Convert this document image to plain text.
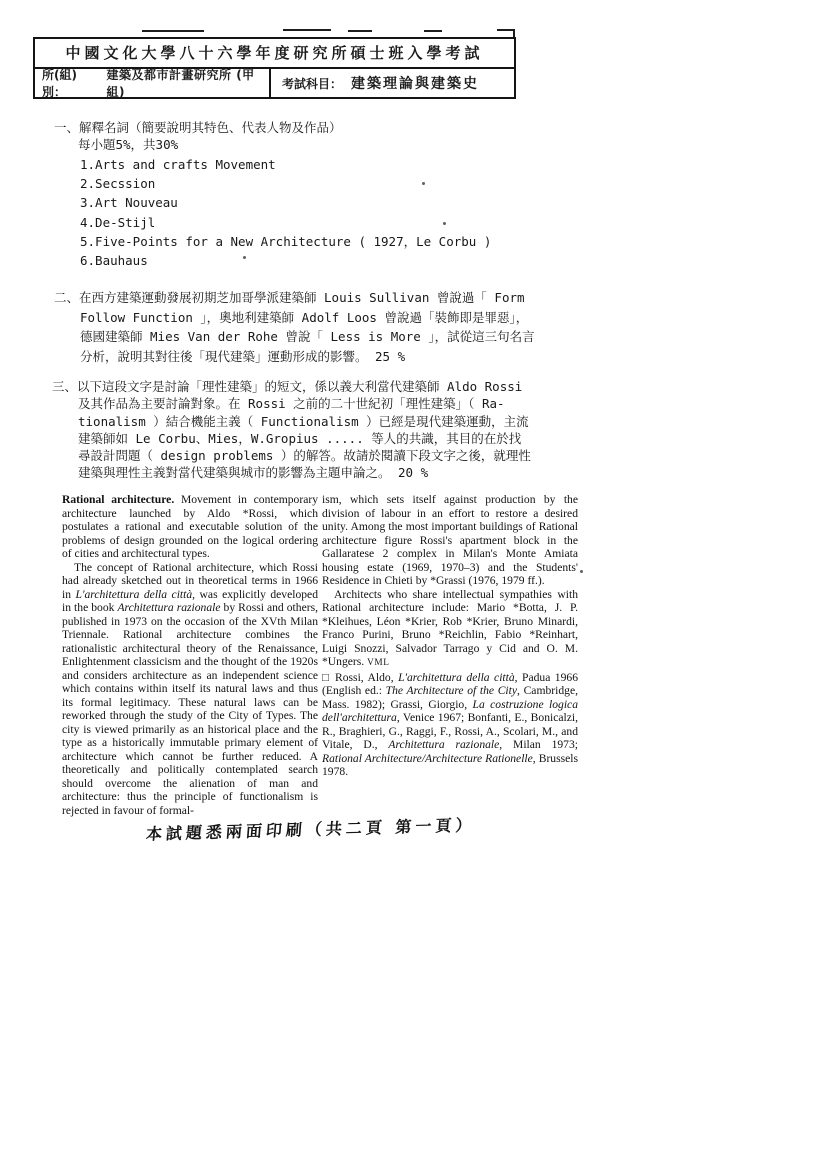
中國文化大學八十六學年度研究所碩士班入學考試
所(組)別：
建築及都市計畫研究所 (甲組)
考試科目： 建築理論與建築史
一、解釋名詞（簡要說明其特色、代表人物及作品）
每小題5%，共30%
1.Arts and crafts Movement
2.Secssion
3.Art Nouveau
4.De-Stijl
5.Five-Points for a New Architecture ( 1927，Le Corbu )
6.Bauhaus
二、在西方建築運動發展初期芝加哥學派建築師 Louis Sullivan 曾說過「 Form
Follow Function 」，奧地利建築師 Adolf Loos 曾說過「裝飾即是罪惡」，
德國建築師 Mies Van der Rohe 曾說「 Less is More 」，試從這三句名言
分析，說明其對往後「現代建築」運動形成的影響。 25 %
三、以下這段文字是討論「理性建築」的短文，係以義大利當代建築師 Aldo Rossi
及其作品為主要討論對象。在 Rossi 之前的二十世紀初「理性建築」（ Ra-
tionalism ）結合機能主義（ Functionalism ）已經是現代建築運動，主流
建築師如 Le Corbu、Mies，W.Gropius ..... 等人的共識，其目的在於找
尋設計問題（ design problems ）的解答。故請於閱讀下段文字之後，就理性
建築與理性主義對當代建築與城市的影響為主題申論之。 20 %

Rational architecture. Movement in contemporary architecture launched by Aldo *Rossi, which postulates a rational and executable solution of the problems of design grounded on the logical ordering of cities and architectural types.

The concept of Rational architecture, which Rossi had already sketched out in theoretical terms in 1966 in L'architettura della città, was explicitly developed in the book Architettura razionale by Rossi and others, published in 1973 on the occasion of the XVth Milan Triennale. Rational architecture combines the rationalistic architectural theory of the Renaissance, Enlightenment classicism and the thought of the 1920s and considers architecture as an independent science which contains within itself its natural laws and thus its formal legitimacy. These natural laws can be reworked through the study of the City of Types. The city is viewed primarily as an historical place and the type as a historically immutable primary element of architecture which cannot be further reduced. A theoretically and politically contemplated search should overcome the alienation of man and architecture: thus the principle of functionalism is rejected in favour of formal-

ism, which sets itself against production by the division of labour in an effort to restore a desired unity. Among the most important buildings of Rational architecture figure Rossi's apartment block in the Gallaratese 2 complex in Milan's Monte Amiata housing estate (1969, 1970–3) and the Students' Residence in Chieti by *Grassi (1976, 1979 ff.).

Architects who share intellectual sympathies with Rational architecture include: Mario *Botta, J. P. *Kleihues, Léon *Krier, Rob *Krier, Bruno Minardi, Franco Purini, Bruno *Reichlin, Fabio *Reinhart, Luigi Snozzi, Salvador Tarrago y Cid and O. M. *Ungers. VML

□ Rossi, Aldo, L'architettura della città, Padua 1966 (English ed.: The Architecture of the City, Cambridge, Mass. 1982); Grassi, Giorgio, La costruzione logica dell'architettura, Venice 1967; Bonfanti, E., Bonicalzi, R., Braghieri, G., Raggi, F., Rossi, A., Scolari, M., and Vitale, D., Architettura razionale, Milan 1973; Rational Architecture/Architecture Rationelle, Brussels 1978.

本試題悉兩面印刷（共二頁 第一頁）
